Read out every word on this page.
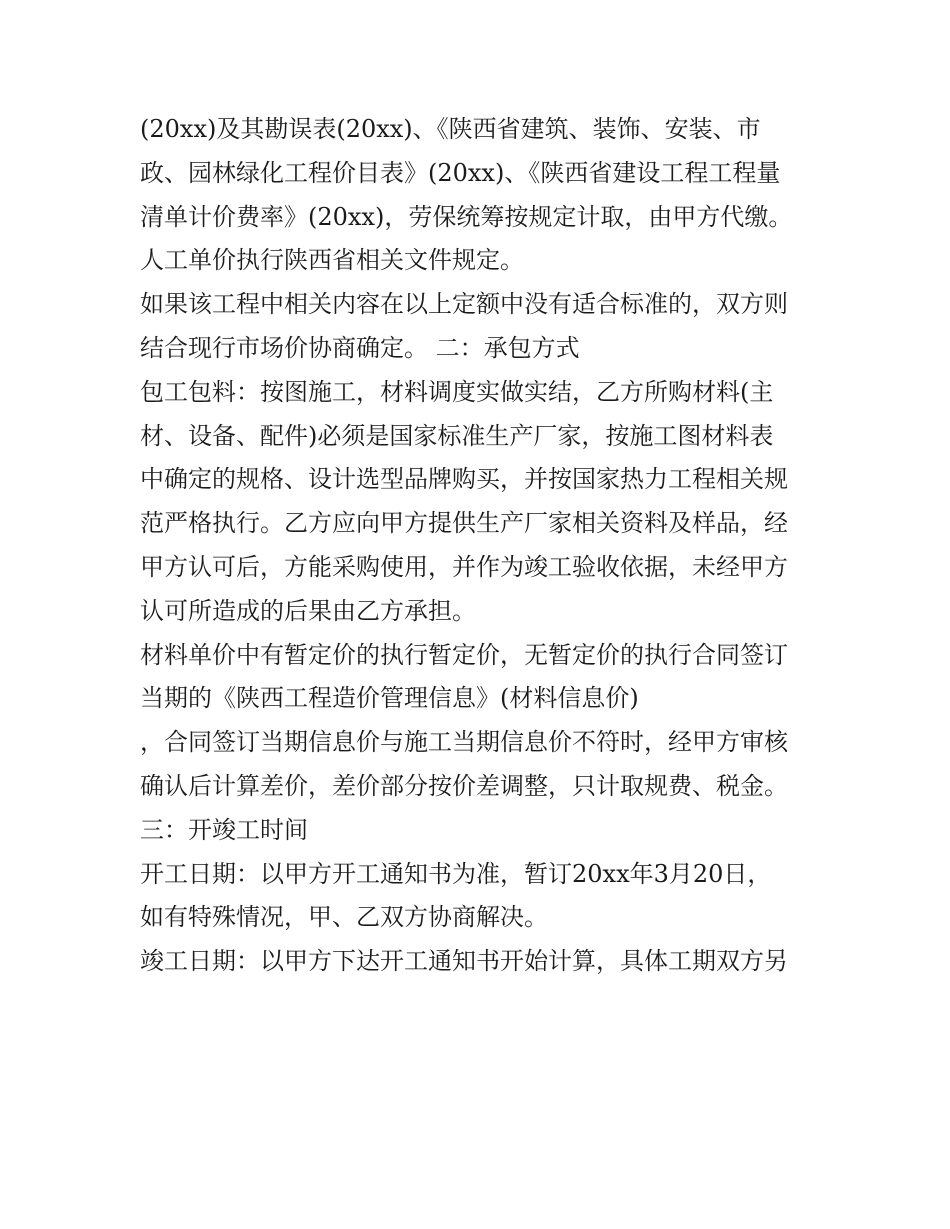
(20xx)及其勘误表(20xx)、《陕西省建筑、装饰、安装、市
政、园林绿化工程价目表》(20xx)、《陕西省建设工程工程量
清单计价费率》(20xx)，劳保统筹按规定计取，由甲方代缴。
人工单价执行陕西省相关文件规定。
如果该工程中相关内容在以上定额中没有适合标准的，双方则
结合现行市场价协商确定。 二：承包方式
包工包料：按图施工，材料调度实做实结，乙方所购材料(主
材、设备、配件)必须是国家标准生产厂家，按施工图材料表
中确定的规格、设计选型品牌购买，并按国家热力工程相关规
范严格执行。乙方应向甲方提供生产厂家相关资料及样品，经
甲方认可后，方能采购使用，并作为竣工验收依据，未经甲方
认可所造成的后果由乙方承担。
材料单价中有暂定价的执行暂定价，无暂定价的执行合同签订
当期的《陕西工程造价管理信息》(材料信息价)
，合同签订当期信息价与施工当期信息价不符时，经甲方审核
确认后计算差价，差价部分按价差调整，只计取规费、税金。
三：开竣工时间
开工日期：以甲方开工通知书为准，暂订20xx年3月20日，
如有特殊情况，甲、乙双方协商解决。
竣工日期：以甲方下达开工通知书开始计算，具体工期双方另
